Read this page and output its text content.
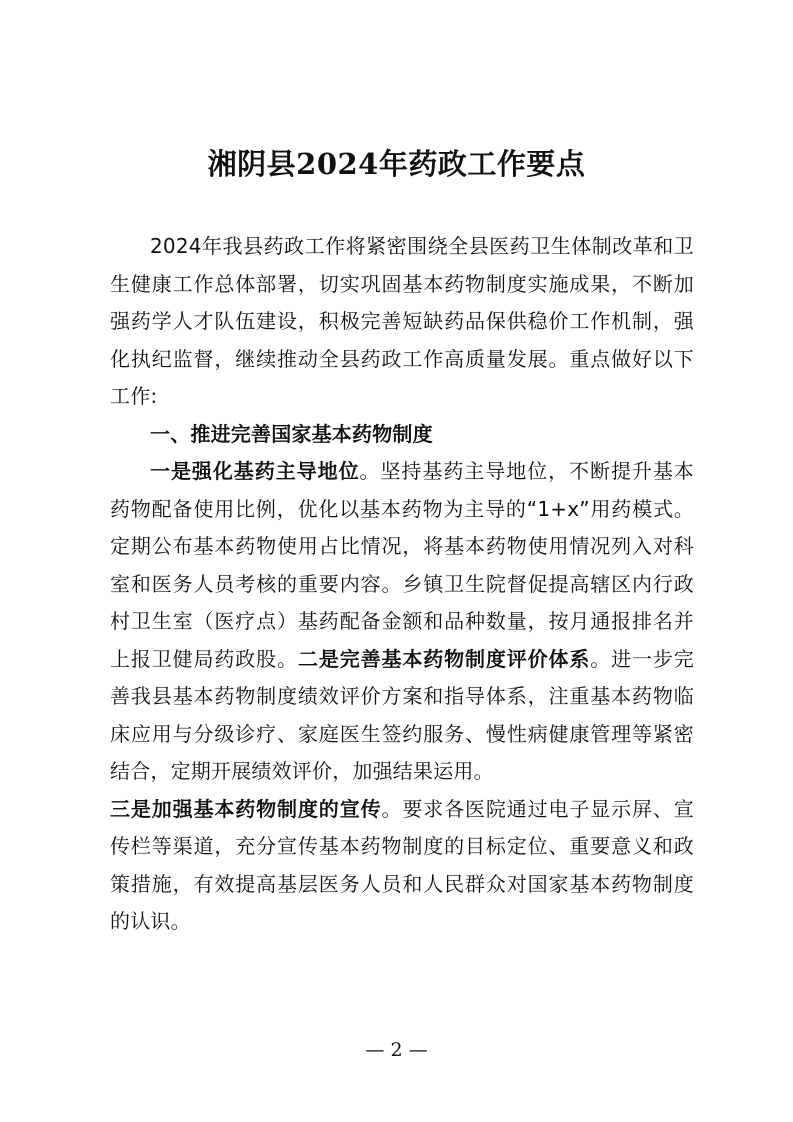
湘阴县2024年药政工作要点

2024年我县药政工作将紧密围绕全县医药卫生体制改革和卫生健康工作总体部署，切实巩固基本药物制度实施成果，不断加强药学人才队伍建设，积极完善短缺药品保供稳价工作机制，强化执纪监督，继续推动全县药政工作高质量发展。重点做好以下工作:

一、推进完善国家基本药物制度

一是强化基药主导地位。坚持基药主导地位，不断提升基本药物配备使用比例，优化以基本药物为主导的“1+x”用药模式。定期公布基本药物使用占比情况，将基本药物使用情况列入对科室和医务人员考核的重要内容。乡镇卫生院督促提高辖区内行政村卫生室（医疗点）基药配备金额和品种数量，按月通报排名并上报卫健局药政股。二是完善基本药物制度评价体系。进一步完善我县基本药物制度绩效评价方案和指导体系，注重基本药物临床应用与分级诊疗、家庭医生签约服务、慢性病健康管理等紧密结合，定期开展绩效评价，加强结果运用。
三是加强基本药物制度的宣传。要求各医院通过电子显示屏、宣传栏等渠道，充分宣传基本药物制度的目标定位、重要意义和政策措施，有效提高基层医务人员和人民群众对国家基本药物制度的认识。

— 2 —
